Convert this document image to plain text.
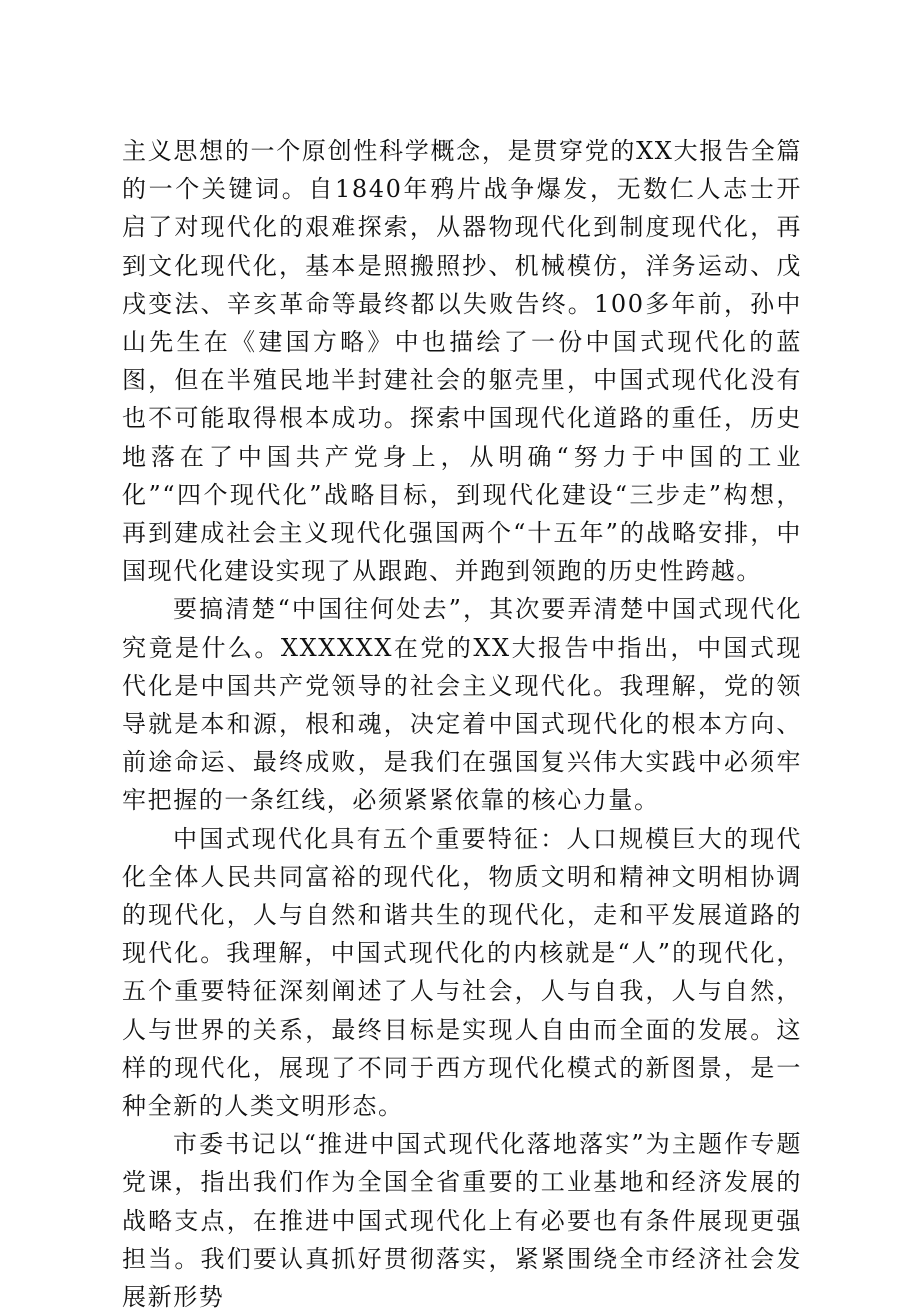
主义思想的一个原创性科学概念，是贯穿党的XX大报告全篇的一个关键词。自1840年鸦片战争爆发，无数仁人志士开启了对现代化的艰难探索，从器物现代化到制度现代化，再到文化现代化，基本是照搬照抄、机械模仿，洋务运动、戊戌变法、辛亥革命等最终都以失败告终。100多年前，孙中山先生在《建国方略》中也描绘了一份中国式现代化的蓝图，但在半殖民地半封建社会的躯壳里，中国式现代化没有也不可能取得根本成功。探索中国现代化道路的重任，历史地落在了中国共产党身上，从明确“努力于中国的工业化”“四个现代化”战略目标，到现代化建设“三步走”构想，再到建成社会主义现代化强国两个“十五年”的战略安排，中国现代化建设实现了从跟跑、并跑到领跑的历史性跨越。

要搞清楚“中国往何处去”，其次要弄清楚中国式现代化究竟是什么。XXXXXX在党的XX大报告中指出，中国式现代化是中国共产党领导的社会主义现代化。我理解，党的领导就是本和源，根和魂，决定着中国式现代化的根本方向、前途命运、最终成败，是我们在强国复兴伟大实践中必须牢牢把握的一条红线，必须紧紧依靠的核心力量。

中国式现代化具有五个重要特征：人口规模巨大的现代化全体人民共同富裕的现代化，物质文明和精神文明相协调的现代化，人与自然和谐共生的现代化，走和平发展道路的现代化。我理解，中国式现代化的内核就是“人”的现代化，五个重要特征深刻阐述了人与社会，人与自我，人与自然，人与世界的关系，最终目标是实现人自由而全面的发展。这样的现代化，展现了不同于西方现代化模式的新图景，是一种全新的人类文明形态。

市委书记以“推进中国式现代化落地落实”为主题作专题党课，指出我们作为全国全省重要的工业基地和经济发展的战略支点，在推进中国式现代化上有必要也有条件展现更强担当。我们要认真抓好贯彻落实，紧紧围绕全市经济社会发展新形势
